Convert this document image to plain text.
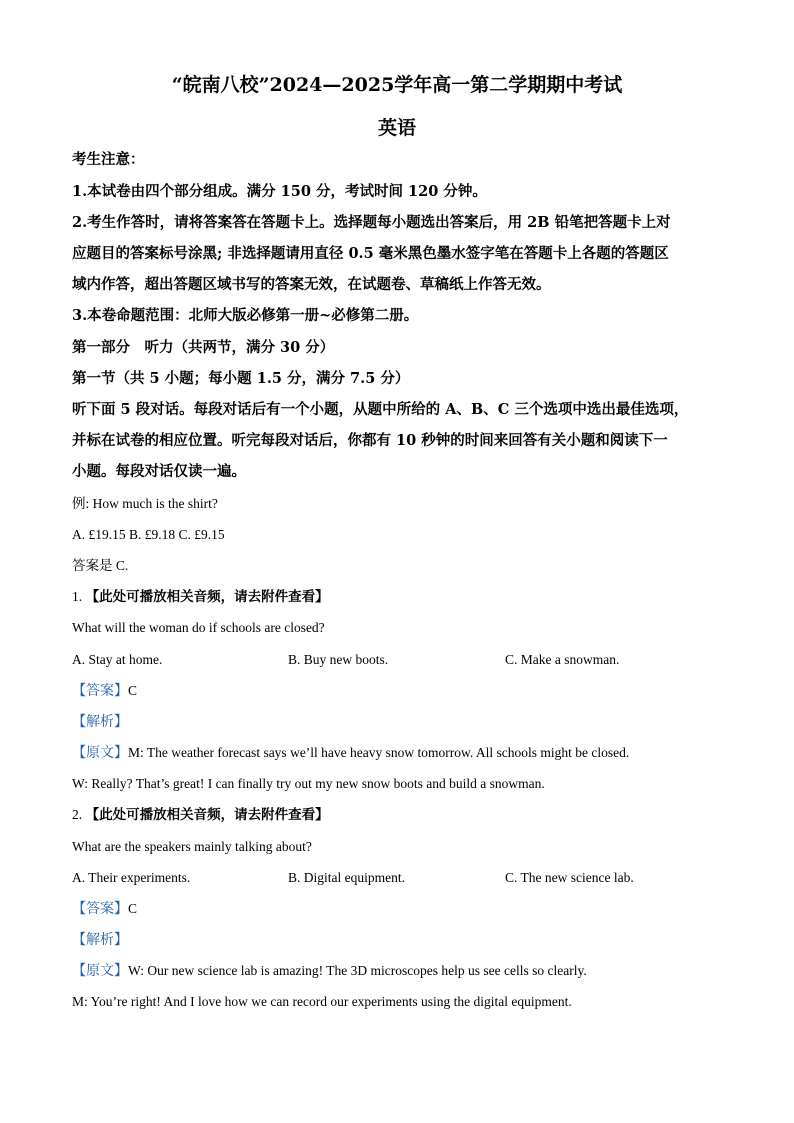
“皖南八校”2024—2025学年高一第二学期期中考试
英语
考生注意：
1.本试卷由四个部分组成。满分 150 分，考试时间 120 分钟。
2.考生作答时，请将答案答在答题卡上。选择题每小题选出答案后，用 2B 铅笔把答题卡上对
应题目的答案标号涂黑; 非选择题请用直径 0.5 毫米黑色墨水签字笔在答题卡上各题的答题区
域内作答，超出答题区域书写的答案无效，在试题卷、草稿纸上作答无效。
3.本卷命题范围：北师大版必修第一册~必修第二册。
第一部分　听力（共两节，满分 30 分）
第一节（共 5 小题；每小题 1.5 分，满分 7.5 分）
听下面 5 段对话。每段对话后有一个小题，从题中所给的 A、B、C 三个选项中选出最佳选项，
并标在试卷的相应位置。听完每段对话后，你都有 10 秒钟的时间来回答有关小题和阅读下一
小题。每段对话仅读一遍。
例: How much is the shirt?
A. £19.15 B. £9.18 C. £9.15
答案是 C.
1. 【此处可播放相关音频，请去附件查看】
What will the woman do if schools are closed?
A. Stay at home.	B. Buy new boots.	C. Make a snowman.
【答案】C
【解析】
【原文】M: The weather forecast says we’ll have heavy snow tomorrow. All schools might be closed.
W: Really? That’s great! I can finally try out my new snow boots and build a snowman.
2. 【此处可播放相关音频，请去附件查看】
What are the speakers mainly talking about?
A. Their experiments.	B. Digital equipment.	C. The new science lab.
【答案】C
【解析】
【原文】W: Our new science lab is amazing! The 3D microscopes help us see cells so clearly.
M: You’re right! And I love how we can record our experiments using the digital equipment.
